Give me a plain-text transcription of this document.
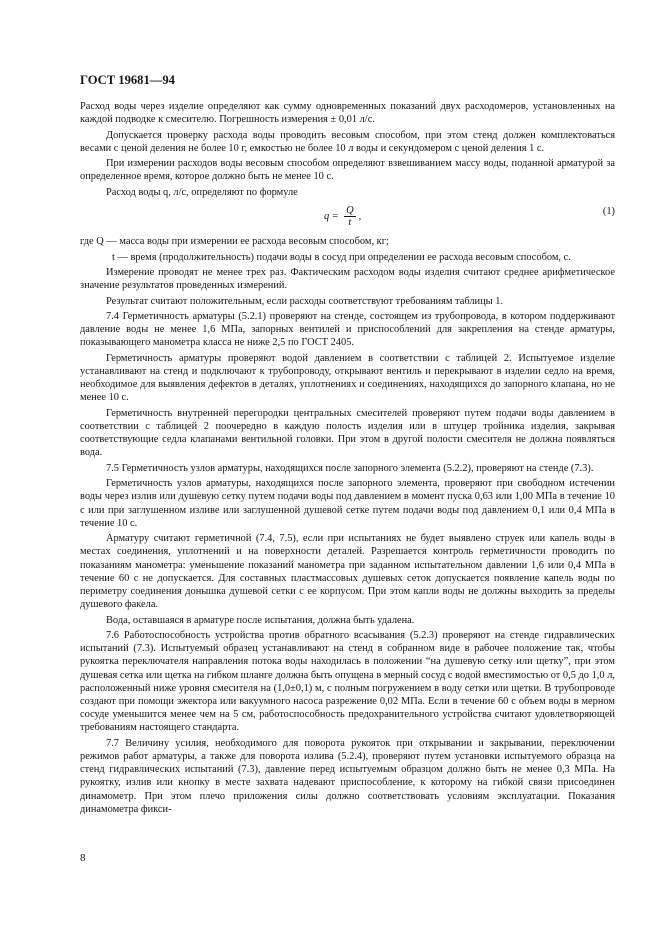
ГОСТ 19681—94

Расход воды через изделие определяют как сумму одновременных показаний двух расходомеров, установленных на каждой подводке к смесителю. Погрешность измерения ± 0,01 л/с.

Допускается проверку расхода воды проводить весовым способом, при этом стенд должен комплектоваться весами с ценой деления не более 10 г, емкостью не более 10 л воды и секундомером с ценой деления 1 с.

При измерении расходов воды весовым способом определяют взвешиванием массу воды, поданной арматурой за определенное время, которое должно быть не менее 10 с.

Расход воды q, л/с, определяют по формуле

$q = \frac{Q}{t}$ ,	(1)

где Q — масса воды при измерении ее расхода весовым способом, кг;

t — время (продолжительность) подачи воды в сосуд при определении ее расхода весовым способом, с.

Измерение проводят не менее трех раз. Фактическим расходом воды изделия считают среднее арифметическое значение результатов проведенных измерений.

Результат считают положительным, если расходы соответствуют требованиям таблицы 1.

7.4 Герметичность арматуры (5.2.1) проверяют на стенде, состоящем из трубопровода, в котором поддерживают давление воды не менее 1,6 МПа, запорных вентилей и приспособлений для закрепления на стенде арматуры, показывающего манометра класса не ниже 2,5 по ГОСТ 2405.

Герметичность арматуры проверяют водой давлением в соответствии с таблицей 2. Испытуемое изделие устанавливают на стенд и подключают к трубопроводу, открывают вентиль и перекрывают в изделии седло на время, необходимое для выявления дефектов в деталях, уплотнениях и соединениях, находящихся до запорного клапана, но не менее 10 с.

Герметичность внутренней перегородки центральных смесителей проверяют путем подачи воды давлением в соответствии с таблицей 2 поочередно в каждую полость изделия или в штуцер тройника изделия, закрывая соответствующие седла клапанами вентильной головки. При этом в другой полости смесителя не должна появляться вода.

7.5 Герметичность узлов арматуры, находящихся после запорного элемента (5.2.2), проверяют на стенде (7.3).

Герметичность узлов арматуры, находящихся после запорного элемента, проверяют при свободном истечении воды через излив или душевую сетку путем подачи воды под давлением в момент пуска 0,63 или 1,00 МПа в течение 10 с или при заглушенном изливе или заглушенной душевой сетке путем подачи воды под давлением 0,1 или 0,4 МПа в течение 10 с.

Арматуру считают герметичной (7.4, 7.5), если при испытаниях не будет выявлено струек или капель воды в местах соединения, уплотнений и на поверхности деталей. Разрешается контроль герметичности проводить по показаниям манометра: уменьшение показаний манометра при заданном испытательном давлении 1,6 или 0,4 МПа в течение 60 с не допускается. Для составных пластмассовых душевых сеток допускается появление капель воды по периметру соединения донышка душевой сетки с ее корпусом. При этом капли воды не должны выходить за пределы душевого факела.

Вода, оставшаяся в арматуре после испытания, должна быть удалена.

7.6 Работоспособность устройства против обратного всасывания (5.2.3) проверяют на стенде гидравлических испытаний (7.3). Испытуемый образец устанавливают на стенд в собранном виде в рабочее положение так, чтобы рукоятка переключателя направления потока воды находилась в положении “на душевую сетку или щетку”, при этом душевая сетка или щетка на гибком шланге должна быть опущена в мерный сосуд с водой вместимостью от 0,5 до 1,0 л, расположенный ниже уровня смесителя на (1,0±0,1) м, с полным погружением в воду сетки или щетки. В трубопроводе создают при помощи эжектора или вакуумного насоса разрежение 0,02 МПа. Если в течение 60 с объем воды в мерном сосуде уменьшится менее чем на 5 см, работоспособность предохранительного устройства считают удовлетворяющей требованиям настоящего стандарта.

7.7 Величину усилия, необходимого для поворота рукояток при открывании и закрывании, переключении режимов работ арматуры, а также для поворота излива (5.2.4), проверяют путем установки испытуемого образца на стенд гидравлических испытаний (7.3), давление перед испытуемым образцом должно быть не менее 0,3 МПа. На рукоятку, излив или кнопку в месте захвата надевают приспособление, к которому на гибкой связи присоединен динамометр. При этом плечо приложения силы должно соответствовать условиям эксплуатации. Показания динамометра фикси-

8
